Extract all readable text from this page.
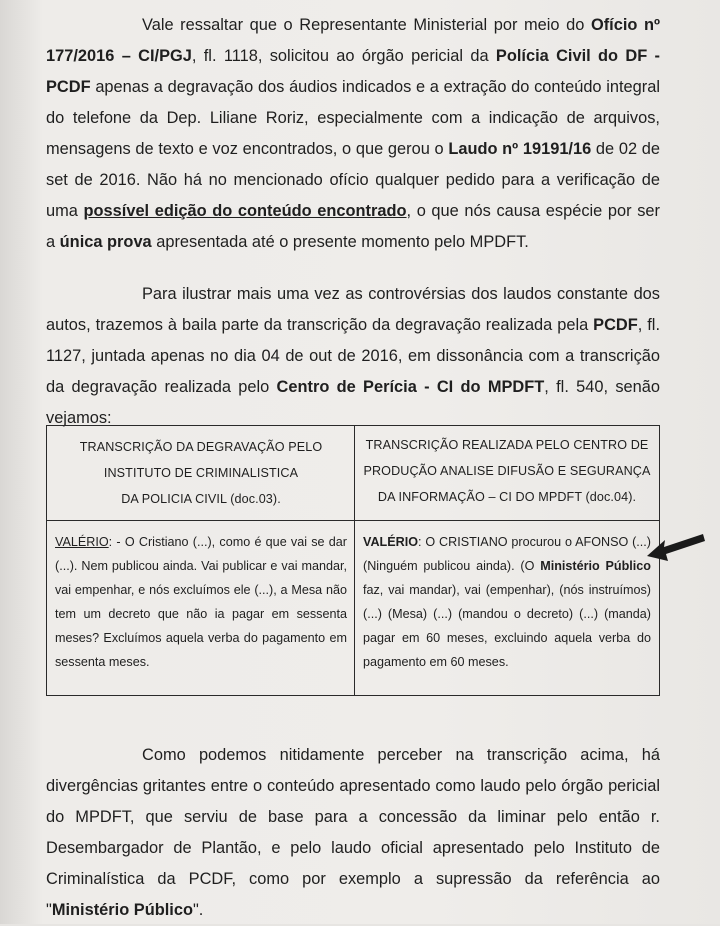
Vale ressaltar que o Representante Ministerial por meio do Ofício nº 177/2016 – CI/PGJ, fl. 1118, solicitou ao órgão pericial da Polícia Civil do DF - PCDF apenas a degravação dos áudios indicados e a extração do conteúdo integral do telefone da Dep. Liliane Roriz, especialmente com a indicação de arquivos, mensagens de texto e voz encontrados, o que gerou o Laudo nº 19191/16 de 02 de set de 2016. Não há no mencionado ofício qualquer pedido para a verificação de uma possível edição do conteúdo encontrado, o que nós causa espécie por ser a única prova apresentada até o presente momento pelo MPDFT.

Para ilustrar mais uma vez as controvérsias dos laudos constante dos autos, trazemos à baila parte da transcrição da degravação realizada pela PCDF, fl. 1127, juntada apenas no dia 04 de out de 2016, em dissonância com a transcrição da degravação realizada pelo Centro de Perícia - CI do MPDFT, fl. 540, senão vejamos:

TRANSCRIÇÃO DA DEGRAVAÇÃO PELO
INSTITUTO DE CRIMINALISTICA
DA POLICIA CIVIL (doc.03).
TRANSCRIÇÃO REALIZADA PELO CENTRO DE
PRODUÇÃO ANALISE DIFUSÃO E SEGURANÇA
DA INFORMAÇÃO – CI DO MPDFT (doc.04).
VALÉRIO: - O Cristiano (...), como é que vai se dar (...). Nem publicou ainda. Vai publicar e vai mandar, vai empenhar, e nós excluímos ele (...), a Mesa não tem um decreto que não ia pagar em sessenta meses? Excluímos aquela verba do pagamento em sessenta meses.
VALÉRIO: O CRISTIANO procurou o AFONSO (...) (Ninguém publicou ainda). (O Ministério Público faz, vai mandar), vai (empenhar), (nós instruímos) (...) (Mesa) (...) (mandou o decreto) (...) (manda) pagar em 60 meses, excluindo aquela verba do pagamento em 60 meses.

Como podemos nitidamente perceber na transcrição acima, há divergências gritantes entre o conteúdo apresentado como laudo pelo órgão pericial do MPDFT, que serviu de base para a concessão da liminar pelo então r. Desembargador de Plantão, e pelo laudo oficial apresentado pelo Instituto de Criminalística da PCDF, como por exemplo a supressão da referência ao "Ministério Público".
